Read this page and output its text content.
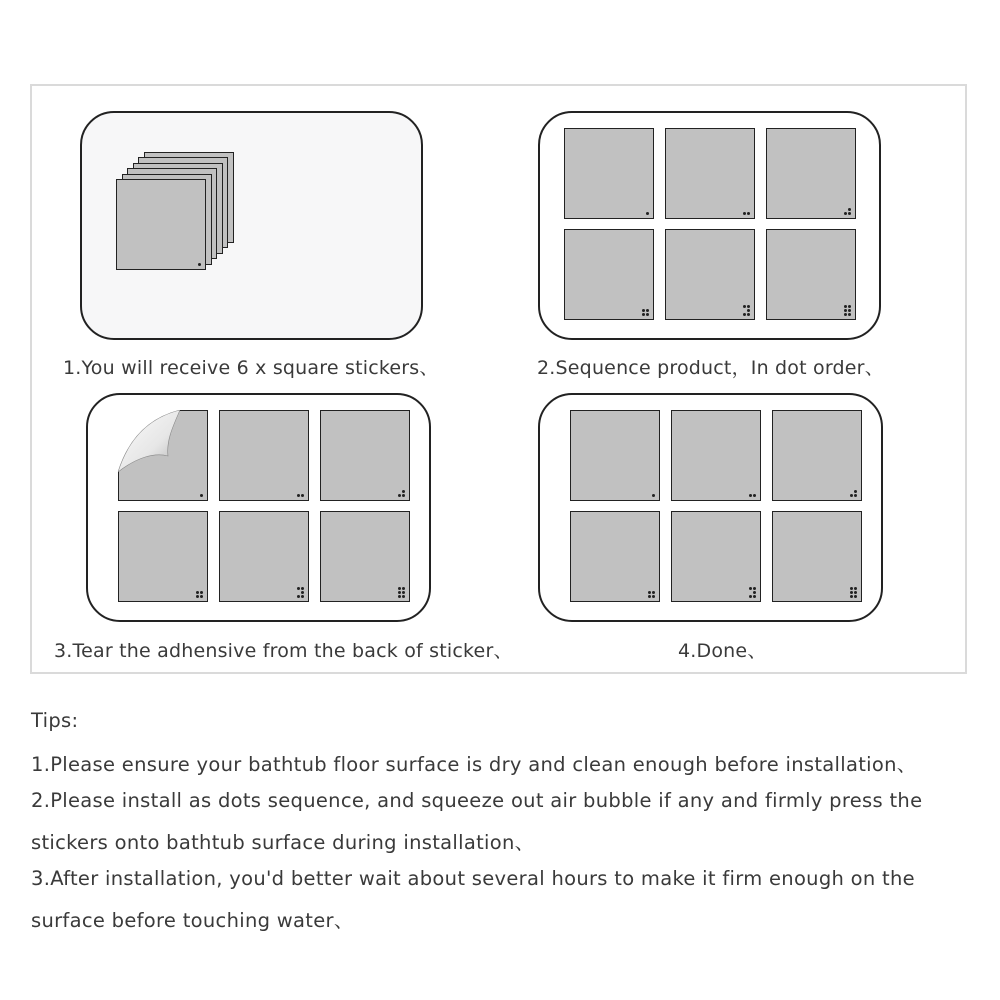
1.You will receive 6 x square stickers、	2.Sequence product，In dot order、
3.Tear the adhensive from the back of sticker、	4.Done、
Tips:
1.Please ensure your bathtub floor surface is dry and clean enough before installation、
2.Please install as dots sequence, and squeeze out air bubble if any and firmly press the
stickers onto bathtub surface during installation、
3.After installation, you'd better wait about several hours to make it firm enough on the
surface before touching water、
